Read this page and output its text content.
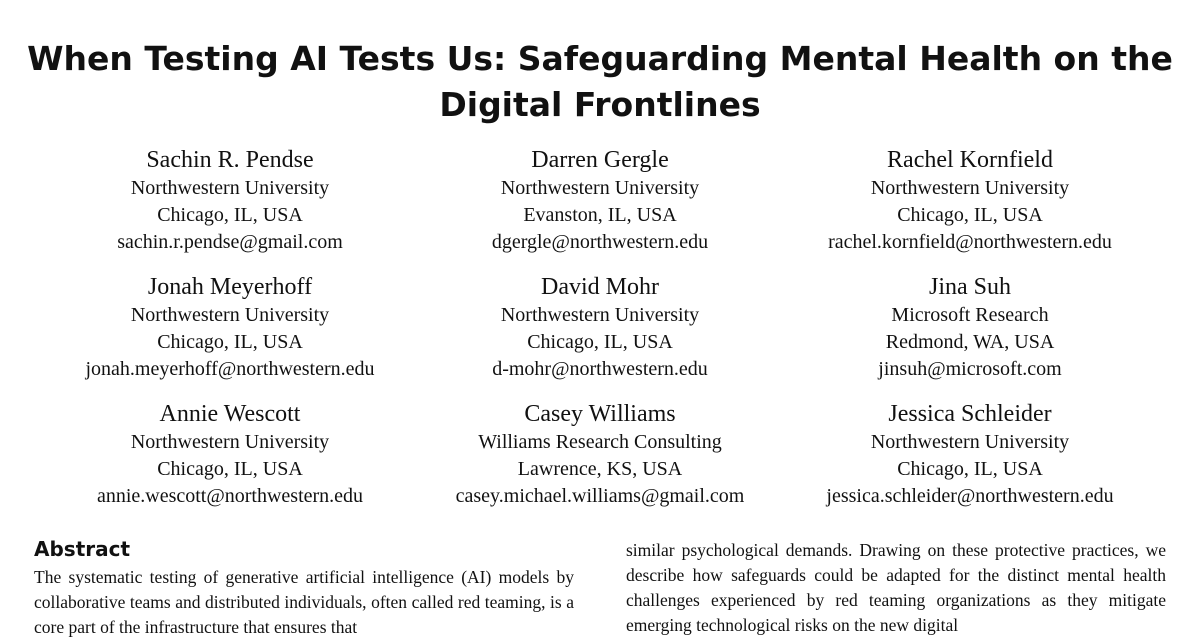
When Testing AI Tests Us: Safeguarding Mental Health on the
Digital Frontlines
Sachin R. Pendse
Northwestern University
Chicago, IL, USA
sachin.r.pendse@gmail.com
Darren Gergle
Northwestern University
Evanston, IL, USA
dgergle@northwestern.edu
Rachel Kornfield
Northwestern University
Chicago, IL, USA
rachel.kornfield@northwestern.edu
Jonah Meyerhoff
Northwestern University
Chicago, IL, USA
jonah.meyerhoff@northwestern.edu
David Mohr
Northwestern University
Chicago, IL, USA
d-mohr@northwestern.edu
Jina Suh
Microsoft Research
Redmond, WA, USA
jinsuh@microsoft.com
Annie Wescott
Northwestern University
Chicago, IL, USA
annie.wescott@northwestern.edu
Casey Williams
Williams Research Consulting
Lawrence, KS, USA
casey.michael.williams@gmail.com
Jessica Schleider
Northwestern University
Chicago, IL, USA
jessica.schleider@northwestern.edu
Abstract

The systematic testing of generative artificial intelligence (AI) models by collaborative teams and distributed individuals, often called red teaming, is a core part of the infrastructure that ensures that

similar psychological demands. Drawing on these protective practices, we describe how safeguards could be adapted for the distinct mental health challenges experienced by red teaming organizations as they mitigate emerging technological risks on the new digital
